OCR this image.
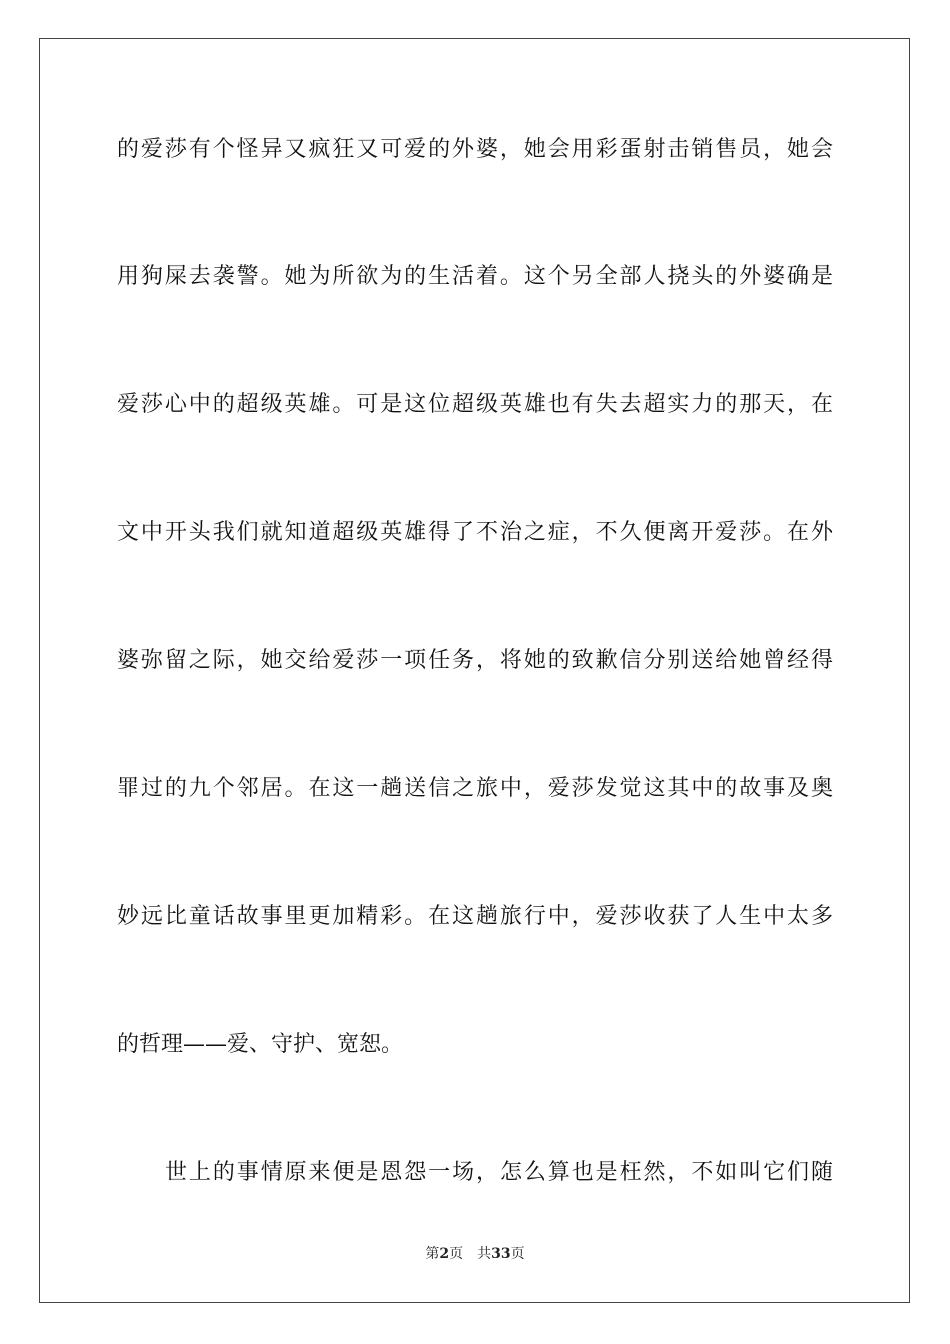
的爱莎有个怪异又疯狂又可爱的外婆，她会用彩蛋射击销售员，她会
用狗屎去袭警。她为所欲为的生活着。这个另全部人挠头的外婆确是
爱莎心中的超级英雄。可是这位超级英雄也有失去超实力的那天，在
文中开头我们就知道超级英雄得了不治之症，不久便离开爱莎。在外
婆弥留之际，她交给爱莎一项任务，将她的致歉信分别送给她曾经得
罪过的九个邻居。在这一趟送信之旅中，爱莎发觉这其中的故事及奥
妙远比童话故事里更加精彩。在这趟旅行中，爱莎收获了人生中太多
的哲理——爱、守护、宽恕。
世上的事情原来便是恩怨一场，怎么算也是枉然，不如叫它们随
第2页 共33页
